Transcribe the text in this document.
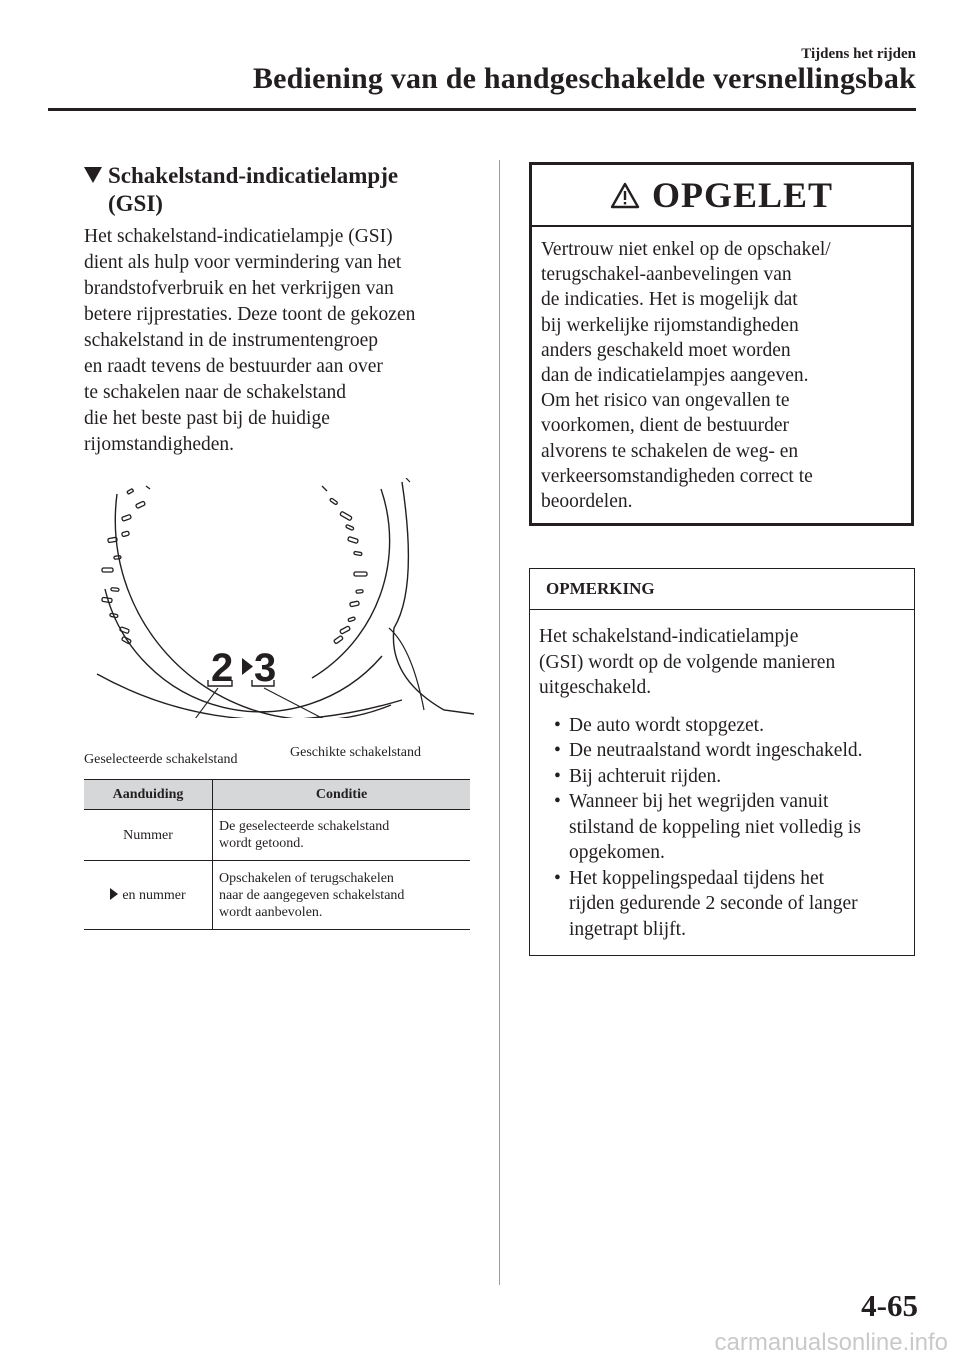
Tijdens het rijden
Bediening van de handgeschakelde versnellingsbak
Schakelstand-indicatielampje
(GSI)
Het schakelstand-indicatielampje (GSI)
dient als hulp voor vermindering van het
brandstofverbruik en het verkrijgen van
betere rijprestaties. Deze toont de gekozen
schakelstand in de instrumentengroep
en raadt tevens de bestuurder aan over
te schakelen naar de schakelstand
die het beste past bij de huidige
rijomstandigheden.
2 3
Geselecteerde schakelstand	Geschikte schakelstand
Aanduiding	Conditie
Nummer	De geselecteerde schakelstand
wordt getoond.

en nummer	Opschakelen of terugschakelen
naar de aangegeven schakelstand
wordt aanbevolen.
OPGELET
Vertrouw niet enkel op de opschakel/
terugschakel-aanbevelingen van
de indicaties. Het is mogelijk dat
bij werkelijke rijomstandigheden
anders geschakeld moet worden
dan de indicatielampjes aangeven.
Om het risico van ongevallen te
voorkomen, dient de bestuurder
alvorens te schakelen de weg- en
verkeersomstandigheden correct te
beoordelen.
OPMERKING
Het schakelstand-indicatielampje
(GSI) wordt op de volgende manieren
uitgeschakeld.
• De auto wordt stopgezet.
• De neutraalstand wordt ingeschakeld.
• Bij achteruit rijden.
• Wanneer bij het wegrijden vanuit
stilstand de koppeling niet volledig is
opgekomen.
• Het koppelingspedaal tijdens het
rijden gedurende 2 seconde of langer
ingetrapt blijft.
4-65
carmanualsonline.info
